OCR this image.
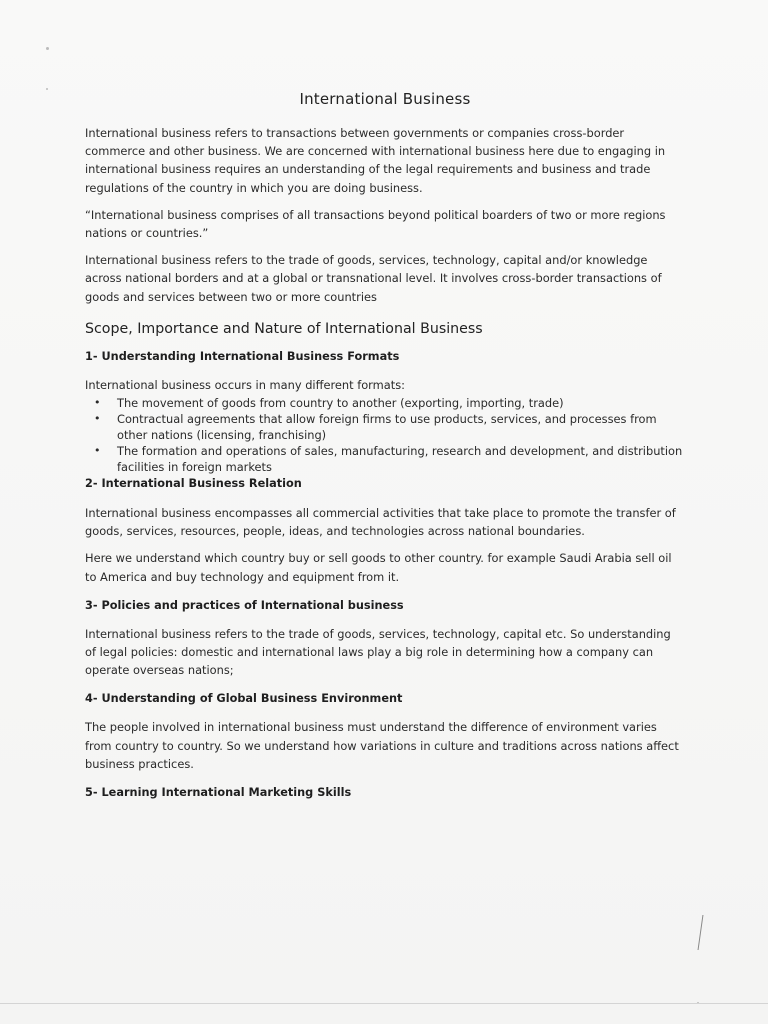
International Business

International business refers to transactions between governments or companies cross-border commerce and other business. We are concerned with international business here due to engaging in international business requires an understanding of the legal requirements and business and trade regulations of the country in which you are doing business.

“International business comprises of all transactions beyond political boarders of two or more regions nations or countries.”

International business refers to the trade of goods, services, technology, capital and/or knowledge across national borders and at a global or transnational level. It involves cross-border transactions of goods and services between two or more countries

Scope, Importance and Nature of International Business
1- Understanding International Business Formats

International business occurs in many different formats:

• The movement of goods from country to another (exporting, importing, trade)
• Contractual agreements that allow foreign firms to use products, services, and processes from other nations (licensing, franchising)
• The formation and operations of sales, manufacturing, research and development, and distribution facilities in foreign markets
2- International Business Relation

International business encompasses all commercial activities that take place to promote the transfer of goods, services, resources, people, ideas, and technologies across national boundaries.

Here we understand which country buy or sell goods to other country. for example Saudi Arabia sell oil to America and buy technology and equipment from it.

3- Policies and practices of International business

International business refers to the trade of goods, services, technology, capital etc. So understanding of legal policies: domestic and international laws play a big role in determining how a company can operate overseas nations;

4- Understanding of Global Business Environment

The people involved in international business must understand the difference of environment varies from country to country. So we understand how variations in culture and traditions across nations affect business practices.

5- Learning International Marketing Skills
